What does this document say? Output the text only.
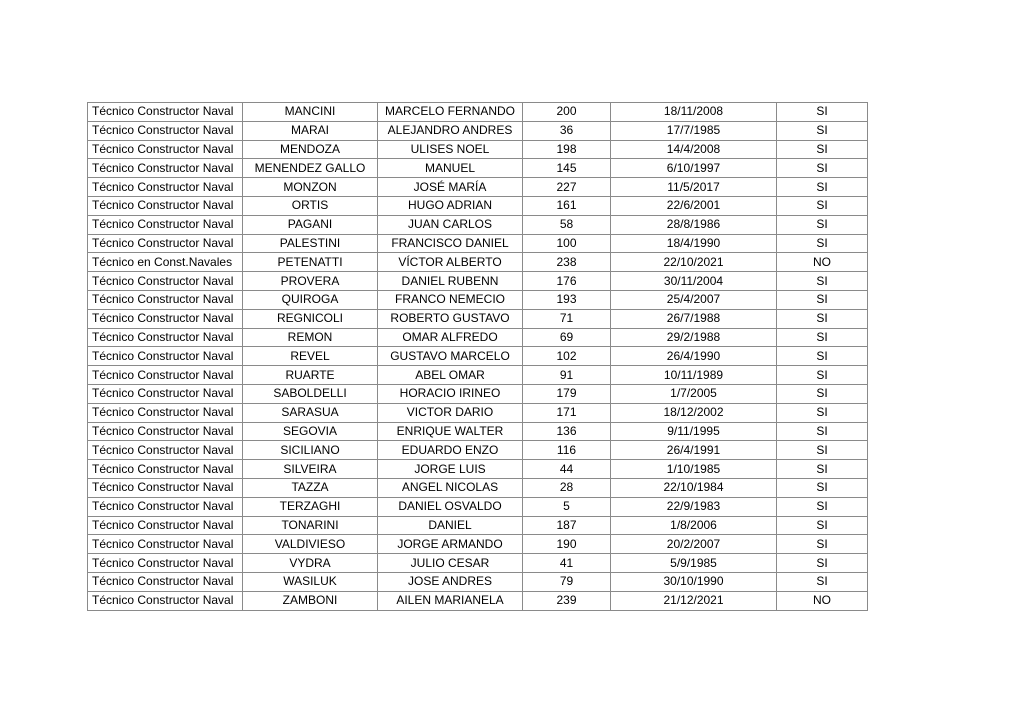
Técnico Constructor Naval	MANCINI	MARCELO FERNANDO	200	18/11/2008	SI
Técnico Constructor Naval	MARAI	ALEJANDRO ANDRES	36	17/7/1985	SI
Técnico Constructor Naval	MENDOZA	ULISES NOEL	198	14/4/2008	SI
Técnico Constructor Naval	MENENDEZ GALLO	MANUEL	145	6/10/1997	SI
Técnico Constructor Naval	MONZON	JOSÉ MARÍA	227	11/5/2017	SI
Técnico Constructor Naval	ORTIS	HUGO ADRIAN	161	22/6/2001	SI
Técnico Constructor Naval	PAGANI	JUAN CARLOS	58	28/8/1986	SI
Técnico Constructor Naval	PALESTINI	FRANCISCO DANIEL	100	18/4/1990	SI
Técnico en Const.Navales	PETENATTI	VÍCTOR ALBERTO	238	22/10/2021	NO
Técnico Constructor Naval	PROVERA	DANIEL RUBENN	176	30/11/2004	SI
Técnico Constructor Naval	QUIROGA	FRANCO NEMECIO	193	25/4/2007	SI
Técnico Constructor Naval	REGNICOLI	ROBERTO GUSTAVO	71	26/7/1988	SI
Técnico Constructor Naval	REMON	OMAR ALFREDO	69	29/2/1988	SI
Técnico Constructor Naval	REVEL	GUSTAVO MARCELO	102	26/4/1990	SI
Técnico Constructor Naval	RUARTE	ABEL OMAR	91	10/11/1989	SI
Técnico Constructor Naval	SABOLDELLI	HORACIO IRINEO	179	1/7/2005	SI
Técnico Constructor Naval	SARASUA	VICTOR DARIO	171	18/12/2002	SI
Técnico Constructor Naval	SEGOVIA	ENRIQUE WALTER	136	9/11/1995	SI
Técnico Constructor Naval	SICILIANO	EDUARDO ENZO	116	26/4/1991	SI
Técnico Constructor Naval	SILVEIRA	JORGE LUIS	44	1/10/1985	SI
Técnico Constructor Naval	TAZZA	ANGEL NICOLAS	28	22/10/1984	SI
Técnico Constructor Naval	TERZAGHI	DANIEL OSVALDO	5	22/9/1983	SI
Técnico Constructor Naval	TONARINI	DANIEL	187	1/8/2006	SI
Técnico Constructor Naval	VALDIVIESO	JORGE ARMANDO	190	20/2/2007	SI
Técnico Constructor Naval	VYDRA	JULIO CESAR	41	5/9/1985	SI
Técnico Constructor Naval	WASILUK	JOSE ANDRES	79	30/10/1990	SI
Técnico Constructor Naval	ZAMBONI	AILEN MARIANELA	239	21/12/2021	NO
